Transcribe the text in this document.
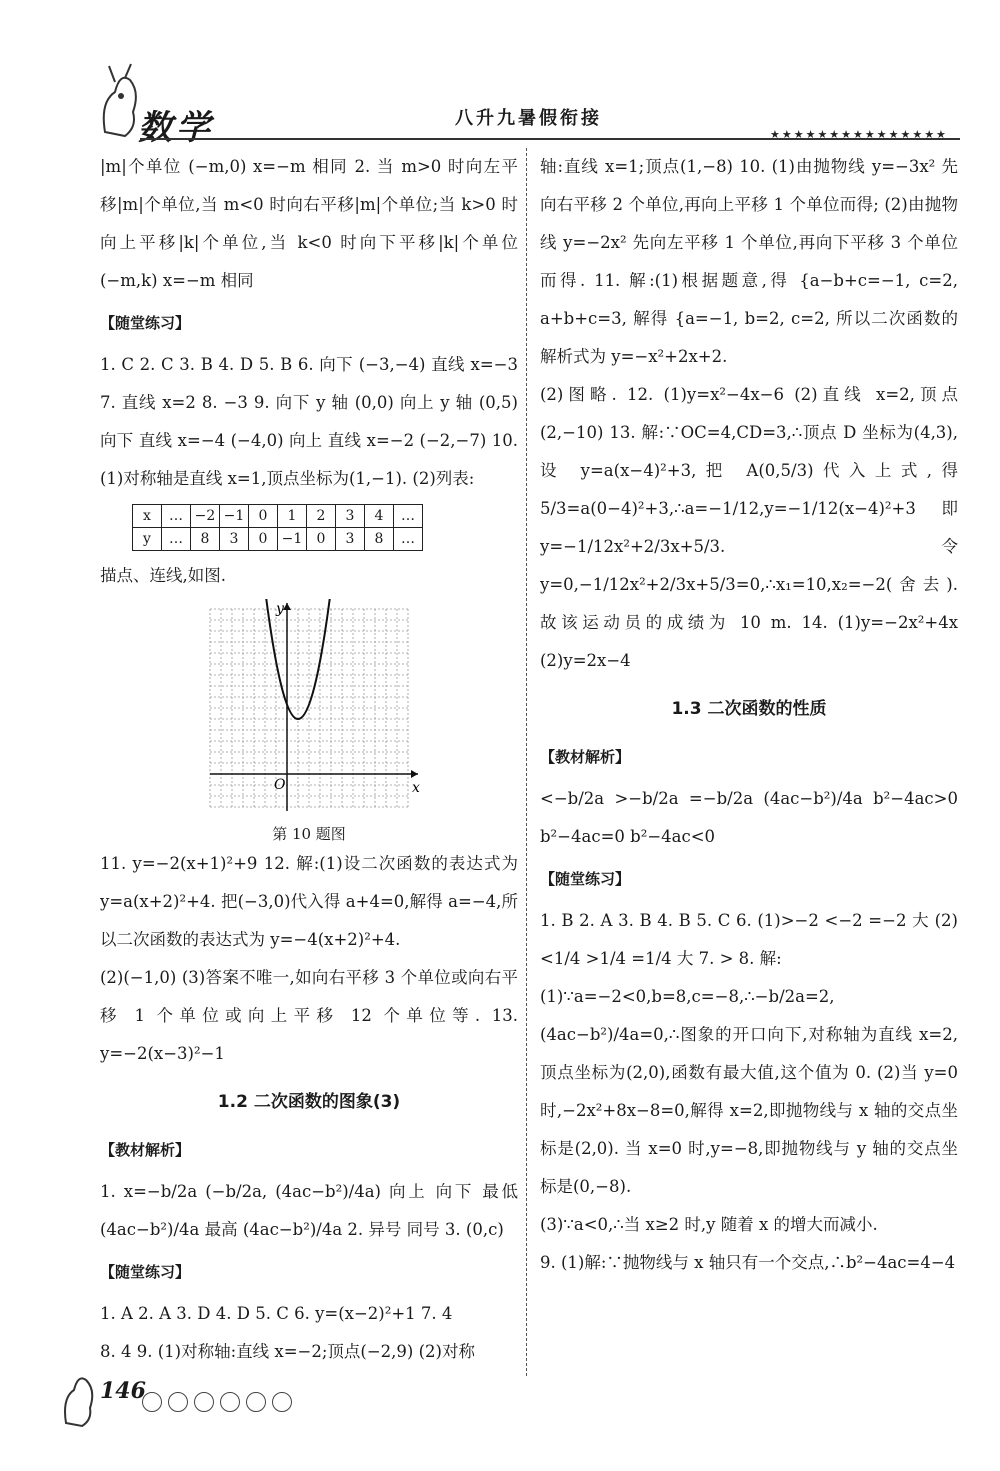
数学	八升九暑假衔接
★★★★★★★★★★★★★★★

|m|个单位 (−m,0) x=−m 相同 2. 当 m>0 时向左平移|m|个单位,当 m<0 时向右平移|m|个单位;当 k>0 时向上平移|k|个单位,当 k<0 时向下平移|k|个单位 (−m,k) x=−m 相同

【随堂练习】

1. C 2. C 3. B 4. D 5. B 6. 向下 (−3,−4) 直线 x=−3 7. 直线 x=2 8. −3 9. 向下 y 轴 (0,0) 向上 y 轴 (0,5) 向下 直线 x=−4 (−4,0) 向上 直线 x=−2 (−2,−7) 10. (1)对称轴是直线 x=1,顶点坐标为(1,−1). (2)列表:

x	…	−2	−1	0	1	2	3	4	…
y	…	8	3	0	−1	0	3	8	…

描点、连线,如图.

y
x
O
第 10 题图

11. y=−2(x+1)²+9 12. 解:(1)设二次函数的表达式为 y=a(x+2)²+4. 把(−3,0)代入得 a+4=0,解得 a=−4,所以二次函数的表达式为 y=−4(x+2)²+4.

(2)(−1,0) (3)答案不唯一,如向右平移 3 个单位或向右平移 1 个单位或向上平移 12 个单位等. 13. y=−2(x−3)²−1

1.2 二次函数的图象(3)
【教材解析】

1. x=−b/2a (−b/2a, (4ac−b²)/4a) 向上 向下 最低 (4ac−b²)/4a 最高 (4ac−b²)/4a 2. 异号 同号 3. (0,c)

【随堂练习】

1. A 2. A 3. D 4. D 5. C 6. y=(x−2)²+1 7. 4

8. 4 9. (1)对称轴:直线 x=−2;顶点(−2,9) (2)对称

轴:直线 x=1;顶点(1,−8) 10. (1)由抛物线 y=−3x² 先向右平移 2 个单位,再向上平移 1 个单位而得; (2)由抛物线 y=−2x² 先向左平移 1 个单位,再向下平移 3 个单位而得. 11. 解:(1)根据题意,得 {a−b+c=−1, c=2, a+b+c=3, 解得 {a=−1, b=2, c=2, 所以二次函数的解析式为 y=−x²+2x+2.

(2)图略. 12. (1)y=x²−4x−6 (2)直线 x=2,顶点(2,−10) 13. 解:∵OC=4,CD=3,∴顶点 D 坐标为(4,3),设 y=a(x−4)²+3,把 A(0,5/3)代入上式,得 5/3=a(0−4)²+3,∴a=−1/12,y=−1/12(x−4)²+3 即 y=−1/12x²+2/3x+5/3. 令 y=0,−1/12x²+2/3x+5/3=0,∴x₁=10,x₂=−2(舍去). 故该运动员的成绩为 10 m. 14. (1)y=−2x²+4x (2)y=2x−4

1.3 二次函数的性质
【教材解析】

<−b/2a >−b/2a =−b/2a (4ac−b²)/4a b²−4ac>0 b²−4ac=0 b²−4ac<0

【随堂练习】

1. B 2. A 3. B 4. B 5. C 6. (1)>−2 <−2 =−2 大 (2)<1/4 >1/4 =1/4 大 7. > 8. 解:

(1)∵a=−2<0,b=8,c=−8,∴−b/2a=2,(4ac−b²)/4a=0,∴图象的开口向下,对称轴为直线 x=2,顶点坐标为(2,0),函数有最大值,这个值为 0. (2)当 y=0 时,−2x²+8x−8=0,解得 x=2,即抛物线与 x 轴的交点坐标是(2,0). 当 x=0 时,y=−8,即抛物线与 y 轴的交点坐标是(0,−8).

(3)∵a<0,∴当 x≥2 时,y 随着 x 的增大而减小.

9. (1)解:∵抛物线与 x 轴只有一个交点,∴b²−4ac=4−4

146
